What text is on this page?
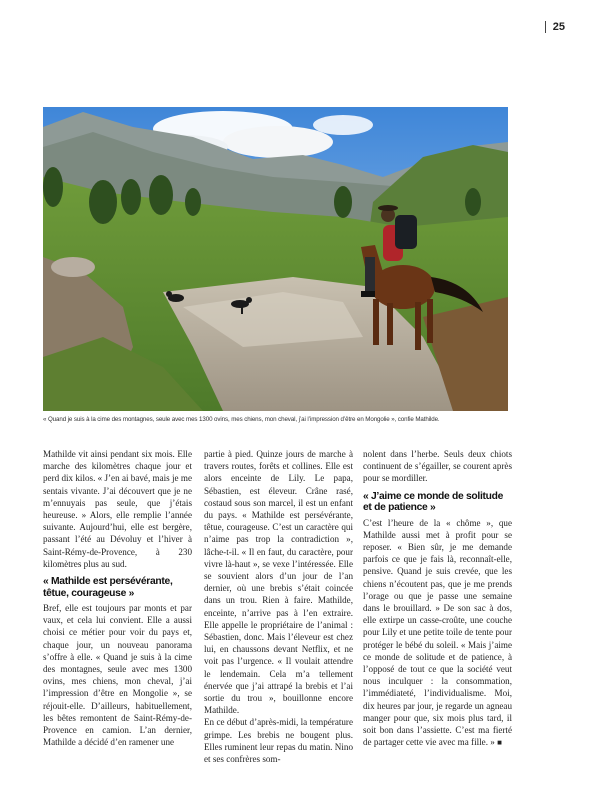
25
« Quand je suis à la cime des montagnes, seule avec mes 1300 ovins, mes chiens, mon cheval, j’ai l’impression d’être en Mongolie », confie Mathilde.

Mathilde vit ainsi pendant six mois. Elle marche des kilomètres chaque jour et perd dix kilos. « J’en ai bavé, mais je me sentais vivante. J’ai découvert que je ne m’ennuyais pas seule, que j’étais heureuse. » Alors, elle remplie l’année suivante. Aujourd’hui, elle est bergère, passant l’été au Dévoluy et l’hiver à Saint-Rémy-de-Provence, à 230 kilomètres plus au sud.

« Mathilde est persévérante, têtue, courageuse »

Bref, elle est toujours par monts et par vaux, et cela lui convient. Elle a aussi choisi ce métier pour voir du pays et, chaque jour, un nouveau panorama s’offre à elle. « Quand je suis à la cime des montagnes, seule avec mes 1300 ovins, mes chiens, mon cheval, j’ai l’impression d’être en Mongolie », se réjouit-elle. D’ailleurs, habituellement, les bêtes remontent de Saint-Rémy-de-Provence en camion. L’an dernier, Mathilde a décidé d’en ramener une

partie à pied. Quinze jours de marche à travers routes, forêts et collines. Elle est alors enceinte de Lily. Le papa, Sébastien, est éleveur. Crâne rasé, costaud sous son marcel, il est un enfant du pays. « Mathilde est persévérante, têtue, courageuse. C’est un caractère qui n’aime pas trop la contradiction », lâche-t-il. « Il en faut, du caractère, pour vivre là-haut », se vexe l’intéressée. Elle se souvient alors d’un jour de l’an dernier, où une brebis s’était coincée dans un trou. Rien à faire. Mathilde, enceinte, n’arrive pas à l’en extraire. Elle appelle le propriétaire de l’animal : Sébastien, donc. Mais l’éleveur est chez lui, en chaussons devant Netflix, et ne voit pas l’urgence. « Il voulait attendre le lendemain. Cela m’a tellement énervée que j’ai attrapé la brebis et l’ai sortie du trou », bouillonne encore Mathilde.

En ce début d’après-midi, la température grimpe. Les brebis ne bougent plus. Elles ruminent leur repas du matin. Nino et ses confrères som-

nolent dans l’herbe. Seuls deux chiots continuent de s’égailler, se courent après pour se mordiller.

« J’aime ce monde de solitude et de patience »

C’est l’heure de la « chôme », que Mathilde aussi met à profit pour se reposer. « Bien sûr, je me demande parfois ce que je fais là, reconnaît-elle, pensive. Quand je suis crevée, que les chiens n’écoutent pas, que je me prends l’orage ou que je passe une semaine dans le brouillard. » De son sac à dos, elle extirpe un casse-croûte, une couche pour Lily et une petite toile de tente pour protéger le bébé du soleil. « Mais j’aime ce monde de solitude et de patience, à l’opposé de tout ce que la société veut nous inculquer : la consommation, l’immédiateté, l’individualisme. Moi, dix heures par jour, je regarde un agneau manger pour que, six mois plus tard, il soit bon dans l’assiette. C’est ma fierté de partager cette vie avec ma fille. » ■
